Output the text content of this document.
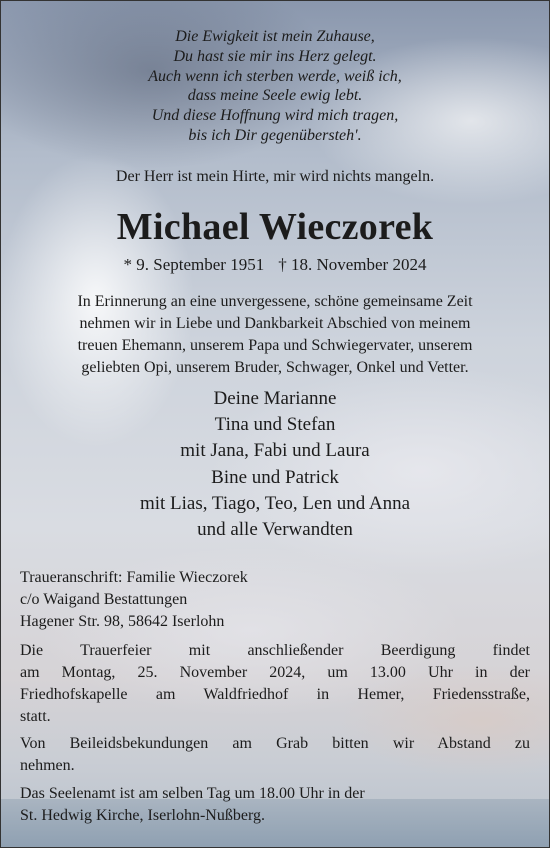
Die Ewigkeit ist mein Zuhause,
Du hast sie mir ins Herz gelegt.
Auch wenn ich sterben werde, weiß ich,
dass meine Seele ewig lebt.
Und diese Hoffnung wird mich tragen,
bis ich Dir gegenübersteh'.
Der Herr ist mein Hirte, mir wird nichts mangeln.
Michael Wieczorek
* 9. September 1951 † 18. November 2024
In Erinnerung an eine unvergessene, schöne gemeinsame Zeit
nehmen wir in Liebe und Dankbarkeit Abschied von meinem
treuen Ehemann, unserem Papa und Schwiegervater, unserem
geliebten Opi, unserem Bruder, Schwager, Onkel und Vetter.
Deine Marianne
Tina und Stefan
mit Jana, Fabi und Laura
Bine und Patrick
mit Lias, Tiago, Teo, Len und Anna
und alle Verwandten
Traueranschrift: Familie Wieczorek
c/o Waigand Bestattungen
Hagener Str. 98, 58642 Iserlohn
Die Trauerfeier mit anschließender Beerdigung findet
am Montag, 25. November 2024, um 13.00 Uhr in der
Friedhofskapelle am Waldfriedhof in Hemer, Friedensstraße,
statt.
Von Beileidsbekundungen am Grab bitten wir Abstand zu
nehmen.
Das Seelenamt ist am selben Tag um 18.00 Uhr in der
St. Hedwig Kirche, Iserlohn-Nußberg.
